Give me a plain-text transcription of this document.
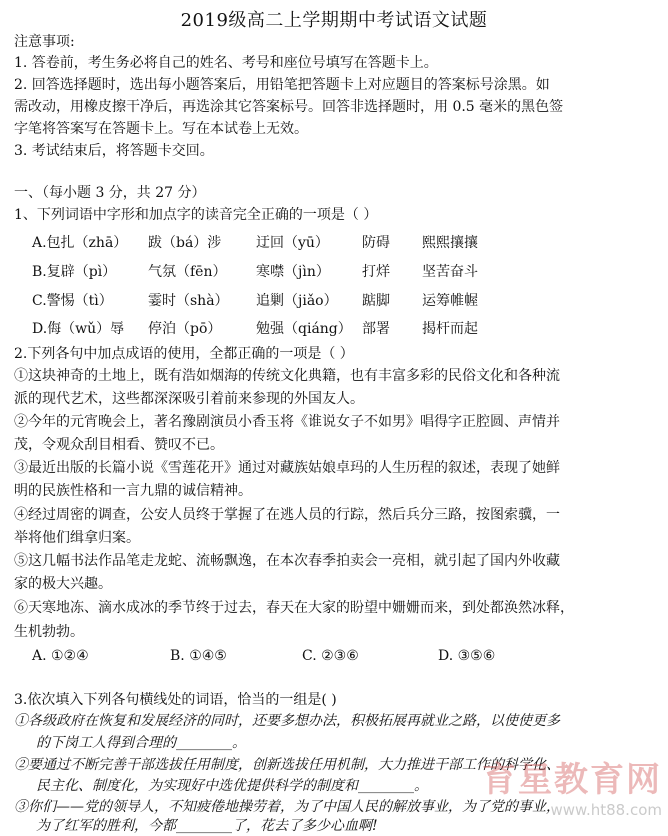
2019级高二上学期期中考试语文试题
注意事项:
1. 答卷前，考生务必将自己的姓名、考号和座位号填写在答题卡上。
2. 回答选择题时，选出每小题答案后，用铅笔把答题卡上对应题目的答案标号涂黑。如
需改动，用橡皮擦干净后，再选涂其它答案标号。回答非选择题时，用 0.5 毫米的黑色签
字笔将答案写在答题卡上。写在本试卷上无效。
3. 考试结束后，将答题卡交回。
一、（每小题 3 分，共 27 分）
1、下列词语中字形和加点字的读音完全正确的一项是（ ）
A.包扎（zhā） 跋（bá）涉 迂回（yū） 防碍 熙熙攘攘
B.复辟（pì） 气氛（fēn） 寒噤（jìn） 打烊 坚苦奋斗
C.警惕（tì）	霎时（shà） 追剿（jiǎo） 踮脚 运筹帷幄
D.侮（wǔ）辱 停泊（pō） 勉强（qiáng） 部署 揭杆而起
2.下列各句中加点成语的使用，全都正确的一项是（ ）
①这块神奇的土地上，既有浩如烟海的传统文化典籍，也有丰富多彩的民俗文化和各种流
派的现代艺术，这些都深深吸引着前来参现的外国友人。
②今年的元宵晚会上，著名豫剧演员小香玉将《谁说女子不如男》唱得字正腔圆、声情并
茂，令观众刮目相看、赞叹不已。
③最近出版的长篇小说《雪莲花开》通过对藏族姑娘卓玛的人生历程的叙述，表现了她鲜
明的民族性格和一言九鼎的诚信精神。
④经过周密的调查，公安人员终于掌握了在逃人员的行踪，然后兵分三路，按图索骥，一
举将他们缉拿归案。
⑤这几幅书法作品笔走龙蛇、流畅飘逸，在本次春季拍卖会一亮相，就引起了国内外收藏
家的极大兴趣。
⑥天寒地冻、滴水成冰的季节终于过去，春天在大家的盼望中姗姗而来，到处都涣然冰释，
生机勃勃。
A. ①②④	B. ①④⑤	C. ②③⑥	D. ③⑤⑥
3.依次填入下列各句横线处的词语，恰当的一组是( )
①各级政府在恢复和发展经济的同时，还要多想办法，积极拓展再就业之路，以使使更多
的下岗工人得到合理的________。
②要通过不断完善干部选拔任用制度，创新选拔任用机制，大力推进干部工作的科学化、
民主化、制度化，为实现好中选优提供科学的制度和________。
③你们——党的领导人，不知疲倦地操劳着，为了中国人民的解放事业，为了党的事业，
为了红军的胜利，今都________了，花去了多少心血啊!
育星教育网
www.ht88.com
